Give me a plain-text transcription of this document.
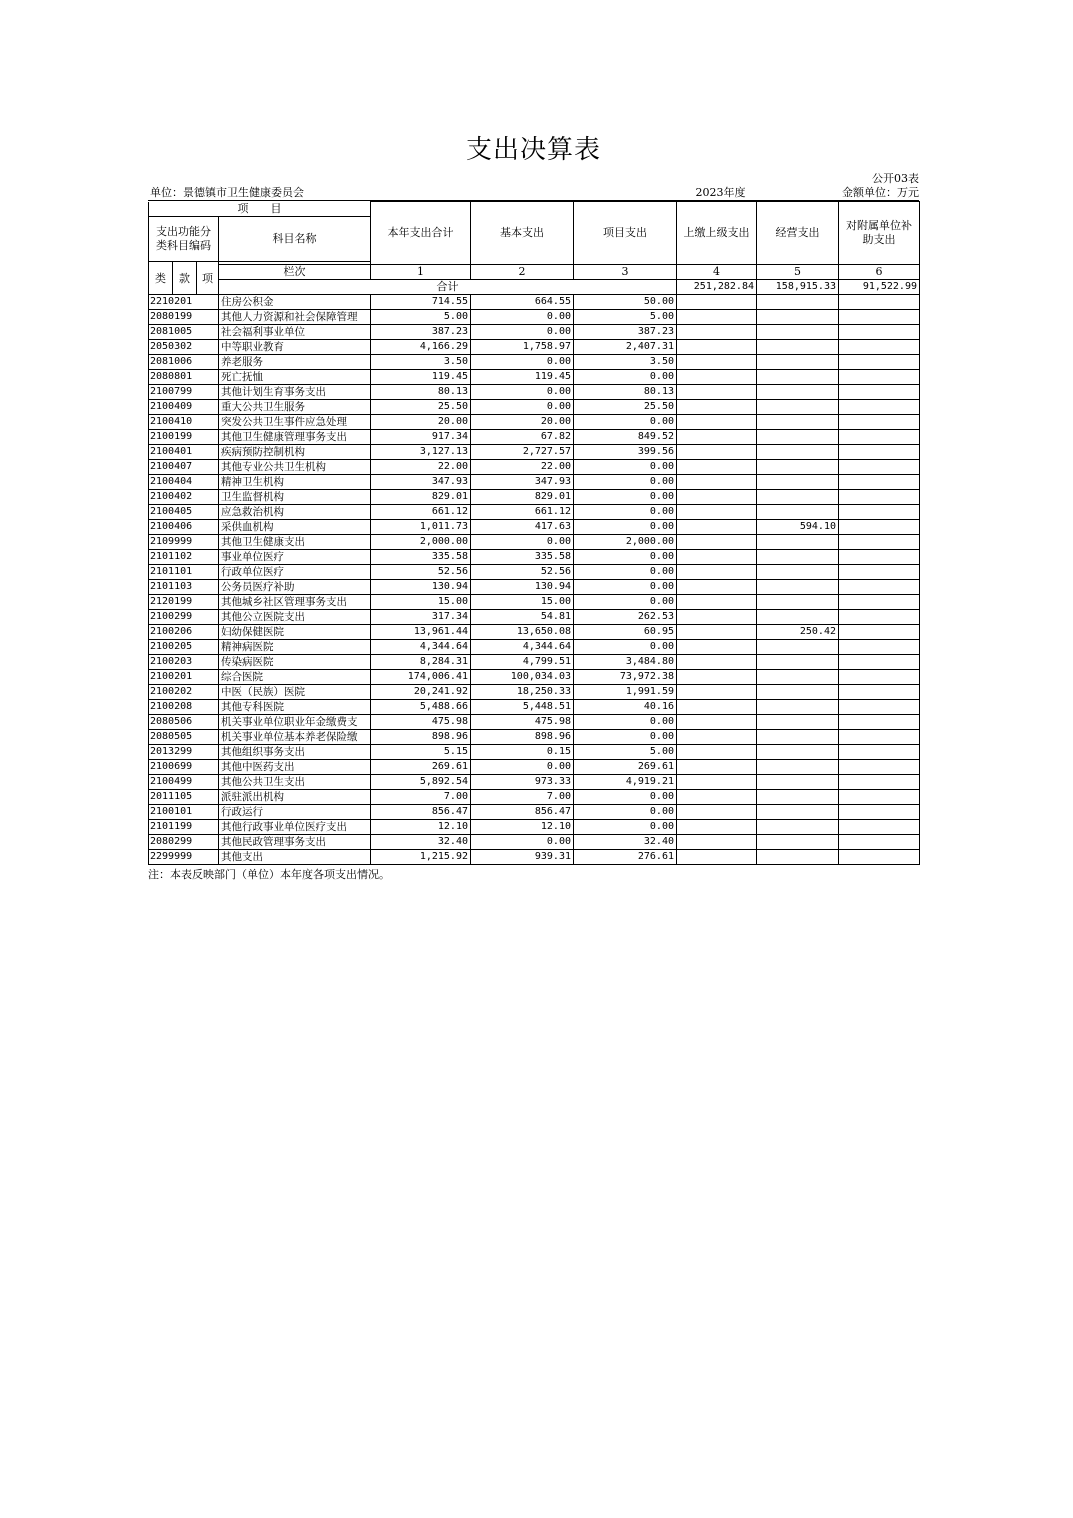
支出决算表
公开03表
单位：景德镇市卫生健康委员会	2023年度	金额单位：万元
项　　目				本年支出合计	基本支出	项目支出	上缴上级支出	经营支出	对附属单位补助支出	
支出功能分类科目编码			科目名称							

类	款	项	栏次	1	2	3	4	5	6	
			合计				251,282.84	158,915.33	91,522.99			
2210201			住房公积金	714.55	664.55	50.00				
2080199			其他人力资源和社会保障管理	5.00	0.00	5.00				
2081005			社会福利事业单位	387.23	0.00	387.23				
2050302			中等职业教育	4,166.29	1,758.97	2,407.31				
2081006			养老服务	3.50	0.00	3.50				
2080801			死亡抚恤	119.45	119.45	0.00				
2100799			其他计划生育事务支出	80.13	0.00	80.13				
2100409			重大公共卫生服务	25.50	0.00	25.50				
2100410			突发公共卫生事件应急处理	20.00	20.00	0.00				
2100199			其他卫生健康管理事务支出	917.34	67.82	849.52				
2100401			疾病预防控制机构	3,127.13	2,727.57	399.56				
2100407			其他专业公共卫生机构	22.00	22.00	0.00				
2100404			精神卫生机构	347.93	347.93	0.00				
2100402			卫生监督机构	829.01	829.01	0.00				
2100405			应急救治机构	661.12	661.12	0.00				
2100406			采供血机构	1,011.73	417.63	0.00		594.10		
2109999			其他卫生健康支出	2,000.00	0.00	2,000.00				
2101102			事业单位医疗	335.58	335.58	0.00				
2101101			行政单位医疗	52.56	52.56	0.00				
2101103			公务员医疗补助	130.94	130.94	0.00				
2120199			其他城乡社区管理事务支出	15.00	15.00	0.00				
2100299			其他公立医院支出	317.34	54.81	262.53				
2100206			妇幼保健医院	13,961.44	13,650.08	60.95		250.42		
2100205			精神病医院	4,344.64	4,344.64	0.00				
2100203			传染病医院	8,284.31	4,799.51	3,484.80				
2100201			综合医院	174,006.41	100,034.03	73,972.38				
2100202			中医（民族）医院	20,241.92	18,250.33	1,991.59				
2100208			其他专科医院	5,488.66	5,448.51	40.16				
2080506			机关事业单位职业年金缴费支	475.98	475.98	0.00				
2080505			机关事业单位基本养老保险缴	898.96	898.96	0.00				
2013299			其他组织事务支出	5.15	0.15	5.00				
2100699			其他中医药支出	269.61	0.00	269.61				
2100499			其他公共卫生支出	5,892.54	973.33	4,919.21				
2011105			派驻派出机构	7.00	7.00	0.00				
2100101			行政运行	856.47	856.47	0.00				
2101199			其他行政事业单位医疗支出	12.10	12.10	0.00				
2080299			其他民政管理事务支出	32.40	0.00	32.40				
2299999			其他支出	1,215.92	939.31	276.61				
注：本表反映部门（单位）本年度各项支出情况。
